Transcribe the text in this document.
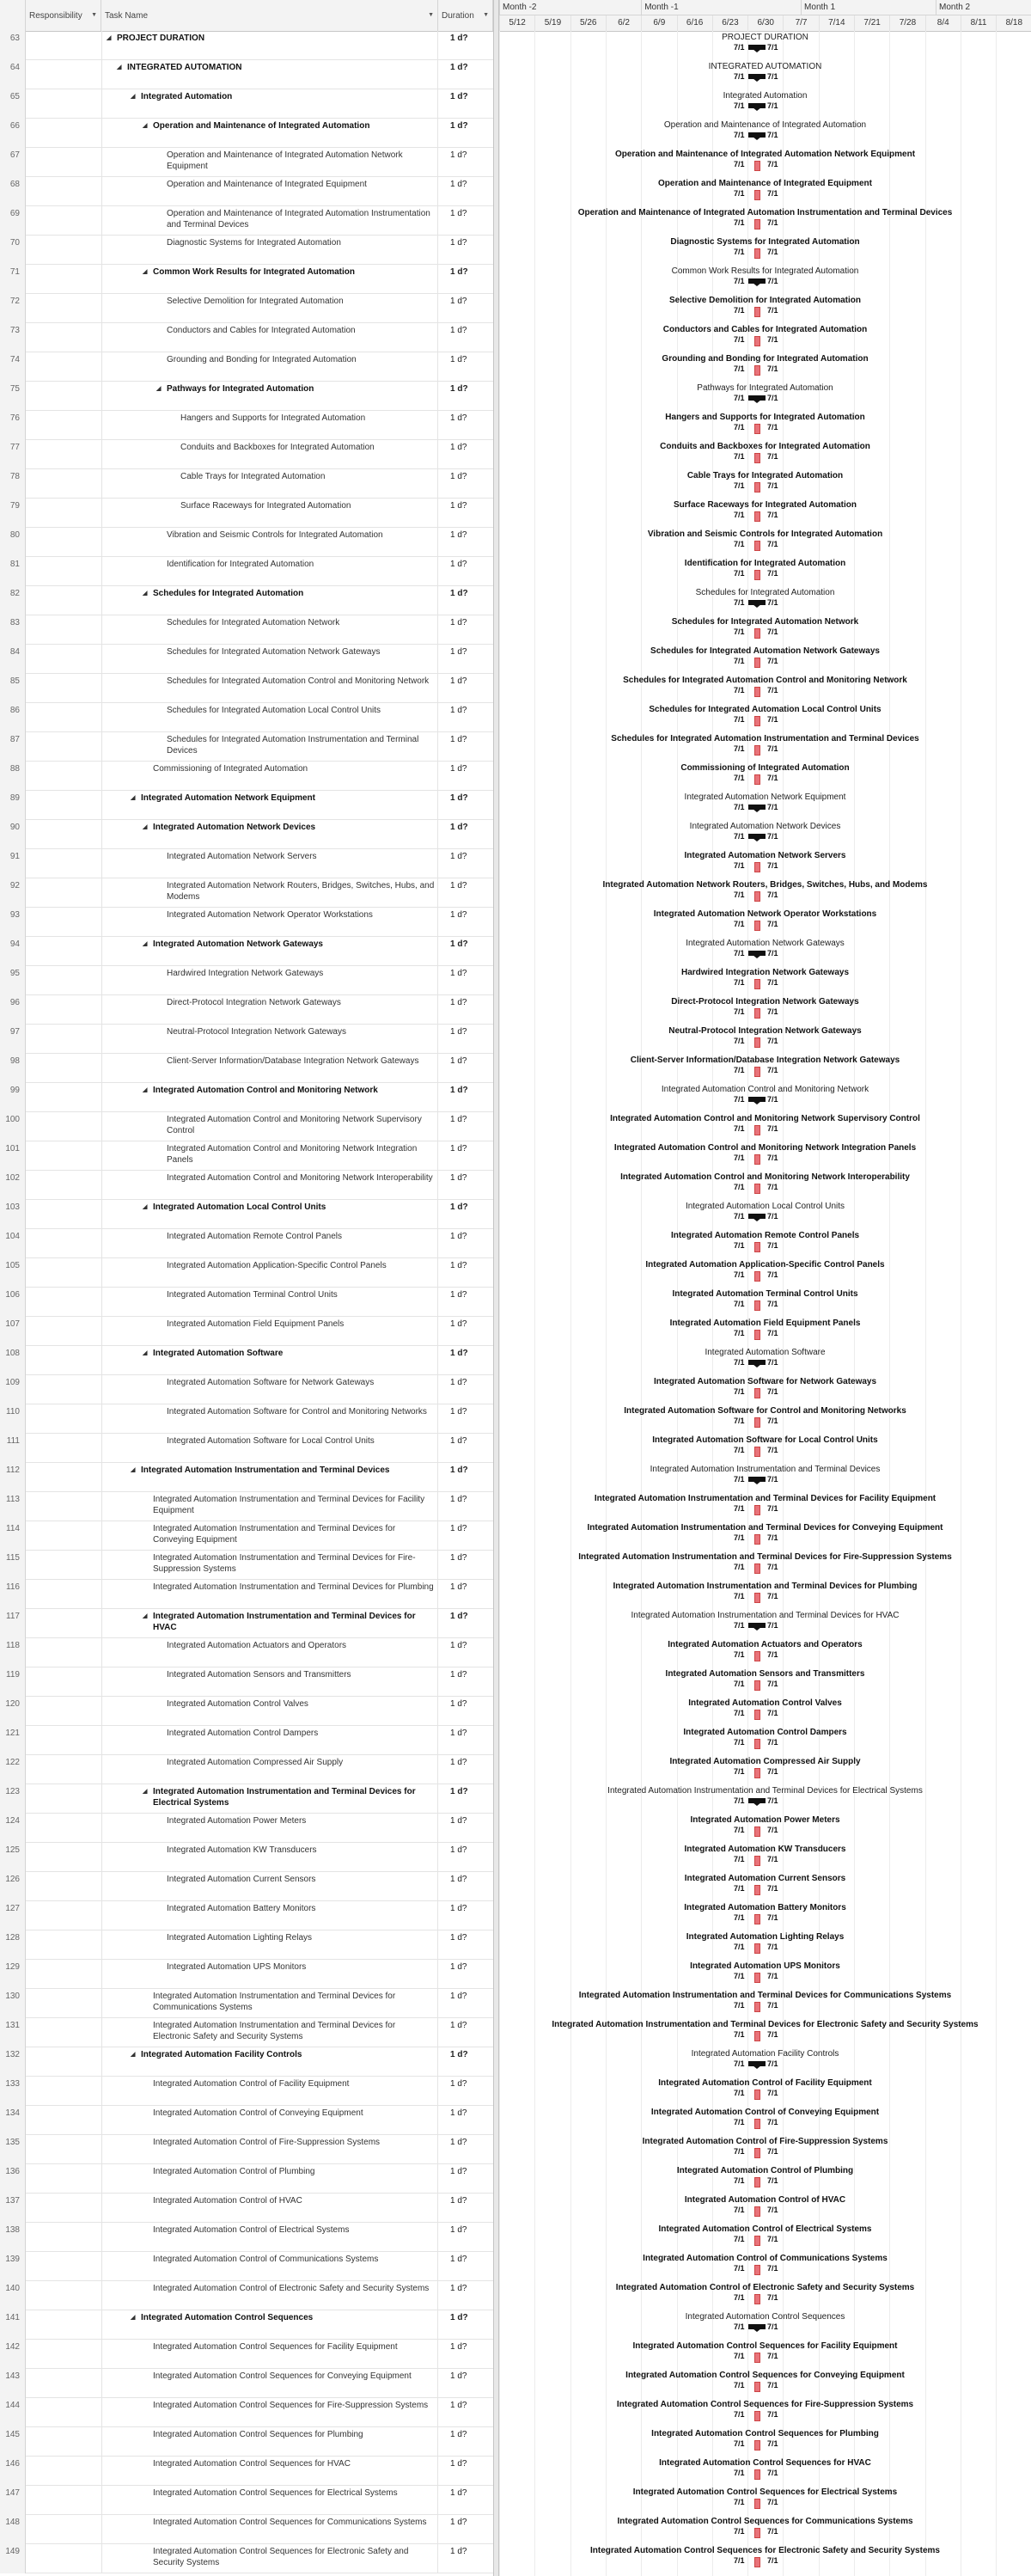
Responsibility ▼ Task Name	▼ Duration ▼
Month -2	Month -1	Month 1	Month 2
5/12	5/19	5/26	6/2	6/9	6/16	6/23	6/30	7/7	7/14	7/21	7/28	8/4	8/11	8/18
63	◢ PROJECT DURATION	1 d?
64	◢ INTEGRATED AUTOMATION	1 d?
65	◢ Integrated Automation	1 d?
66	◢ Operation and Maintenance of Integrated Automation	1 d?
67	Operation and Maintenance of Integrated Automation Network Equipment
1 d?
68	Operation and Maintenance of Integrated Equipment	1 d?
69	Operation and Maintenance of Integrated Automation Instrumentation and Terminal Devices
1 d?
70	Diagnostic Systems for Integrated Automation	1 d?
71	◢ Common Work Results for Integrated Automation	1 d?
72	Selective Demolition for Integrated Automation	1 d?
73	Conductors and Cables for Integrated Automation	1 d?
74	Grounding and Bonding for Integrated Automation	1 d?
75	◢ Pathways for Integrated Automation	1 d?
76	Hangers and Supports for Integrated Automation	1 d?
77	Conduits and Backboxes for Integrated Automation	1 d?
78	Cable Trays for Integrated Automation	1 d?
79	Surface Raceways for Integrated Automation	1 d?
80	Vibration and Seismic Controls for Integrated Automation	1 d?
81	Identification for Integrated Automation	1 d?
82	◢ Schedules for Integrated Automation	1 d?
83	Schedules for Integrated Automation Network	1 d?
84	Schedules for Integrated Automation Network Gateways	1 d?
85	Schedules for Integrated Automation Control and Monitoring Network	1 d?
86	Schedules for Integrated Automation Local Control Units	1 d?
87	Schedules for Integrated Automation Instrumentation and Terminal Devices
1 d?
88	Commissioning of Integrated Automation	1 d?
89	◢ Integrated Automation Network Equipment	1 d?
90	◢ Integrated Automation Network Devices	1 d?
91	Integrated Automation Network Servers	1 d?
92	Integrated Automation Network Routers, Bridges, Switches, Hubs, and Modems
1 d?
93	Integrated Automation Network Operator Workstations	1 d?
94	◢ Integrated Automation Network Gateways	1 d?
95	Hardwired Integration Network Gateways	1 d?
96	Direct-Protocol Integration Network Gateways	1 d?
97	Neutral-Protocol Integration Network Gateways	1 d?
98	Client-Server Information/Database Integration Network Gateways	1 d?
99	◢ Integrated Automation Control and Monitoring Network	1 d?
100	Integrated Automation Control and Monitoring Network Supervisory Control
1 d?
101	Integrated Automation Control and Monitoring Network Integration Panels
1 d?
102	Integrated Automation Control and Monitoring Network Interoperability	1 d?
103	◢ Integrated Automation Local Control Units	1 d?
104	Integrated Automation Remote Control Panels	1 d?
105	Integrated Automation Application-Specific Control Panels	1 d?
106	Integrated Automation Terminal Control Units	1 d?
107	Integrated Automation Field Equipment Panels	1 d?
108	◢ Integrated Automation Software	1 d?
109	Integrated Automation Software for Network Gateways	1 d?
110	Integrated Automation Software for Control and Monitoring Networks	1 d?
111	Integrated Automation Software for Local Control Units	1 d?
112	◢ Integrated Automation Instrumentation and Terminal Devices	1 d?
113	Integrated Automation Instrumentation and Terminal Devices for Facility Equipment
1 d?
114	Integrated Automation Instrumentation and Terminal Devices for Conveying Equipment
1 d?
115	Integrated Automation Instrumentation and Terminal Devices for Fire-Suppression Systems
1 d?
116	Integrated Automation Instrumentation and Terminal Devices for Plumbing	1 d?
117	◢ Integrated Automation Instrumentation and Terminal Devices for HVAC
1 d?
118	Integrated Automation Actuators and Operators	1 d?
119	Integrated Automation Sensors and Transmitters	1 d?
120	Integrated Automation Control Valves	1 d?
121	Integrated Automation Control Dampers	1 d?
122	Integrated Automation Compressed Air Supply	1 d?
123	◢ Integrated Automation Instrumentation and Terminal Devices for Electrical Systems
1 d?
124	Integrated Automation Power Meters	1 d?
125	Integrated Automation KW Transducers	1 d?
126	Integrated Automation Current Sensors	1 d?
127	Integrated Automation Battery Monitors	1 d?
128	Integrated Automation Lighting Relays	1 d?
129	Integrated Automation UPS Monitors	1 d?
130	Integrated Automation Instrumentation and Terminal Devices for Communications Systems
1 d?
131	Integrated Automation Instrumentation and Terminal Devices for Electronic Safety and Security Systems
1 d?
132	◢ Integrated Automation Facility Controls	1 d?
133	Integrated Automation Control of Facility Equipment	1 d?
134	Integrated Automation Control of Conveying Equipment	1 d?
135	Integrated Automation Control of Fire-Suppression Systems	1 d?
136	Integrated Automation Control of Plumbing	1 d?
137	Integrated Automation Control of HVAC	1 d?
138	Integrated Automation Control of Electrical Systems	1 d?
139	Integrated Automation Control of Communications Systems	1 d?
140	Integrated Automation Control of Electronic Safety and Security Systems	1 d?
141	◢ Integrated Automation Control Sequences	1 d?
142	Integrated Automation Control Sequences for Facility Equipment	1 d?
143	Integrated Automation Control Sequences for Conveying Equipment	1 d?
144	Integrated Automation Control Sequences for Fire-Suppression Systems	1 d?
145	Integrated Automation Control Sequences for Plumbing	1 d?
146	Integrated Automation Control Sequences for HVAC	1 d?
147	Integrated Automation Control Sequences for Electrical Systems	1 d?
148	Integrated Automation Control Sequences for Communications Systems	1 d?
149	Integrated Automation Control Sequences for Electronic Safety and Security Systems
1 d?
PROJECT DURATION
7/1	7/1
INTEGRATED AUTOMATION
7/1	7/1
Integrated Automation
7/1	7/1
Operation and Maintenance of Integrated Automation
7/1	7/1
Operation and Maintenance of Integrated Automation Network Equipment
7/1	7/1
Operation and Maintenance of Integrated Equipment
7/1	7/1
Operation and Maintenance of Integrated Automation Instrumentation and Terminal Devices
7/1	7/1
Diagnostic Systems for Integrated Automation
7/1	7/1
Common Work Results for Integrated Automation
7/1	7/1
Selective Demolition for Integrated Automation
7/1	7/1
Conductors and Cables for Integrated Automation
7/1	7/1
Grounding and Bonding for Integrated Automation
7/1	7/1
Pathways for Integrated Automation
7/1	7/1
Hangers and Supports for Integrated Automation
7/1	7/1
Conduits and Backboxes for Integrated Automation
7/1	7/1
Cable Trays for Integrated Automation
7/1	7/1
Surface Raceways for Integrated Automation
7/1	7/1
Vibration and Seismic Controls for Integrated Automation
7/1	7/1
Identification for Integrated Automation
7/1	7/1
Schedules for Integrated Automation
7/1	7/1
Schedules for Integrated Automation Network
7/1	7/1
Schedules for Integrated Automation Network Gateways
7/1	7/1
Schedules for Integrated Automation Control and Monitoring Network
7/1	7/1
Schedules for Integrated Automation Local Control Units
7/1	7/1
Schedules for Integrated Automation Instrumentation and Terminal Devices
7/1	7/1
Commissioning of Integrated Automation
7/1	7/1
Integrated Automation Network Equipment
7/1	7/1
Integrated Automation Network Devices
7/1	7/1
Integrated Automation Network Servers
7/1	7/1
Integrated Automation Network Routers, Bridges, Switches, Hubs, and Modems
7/1	7/1
Integrated Automation Network Operator Workstations
7/1	7/1
Integrated Automation Network Gateways
7/1	7/1
Hardwired Integration Network Gateways
7/1	7/1
Direct-Protocol Integration Network Gateways
7/1	7/1
Neutral-Protocol Integration Network Gateways
7/1	7/1
Client-Server Information/Database Integration Network Gateways
7/1	7/1
Integrated Automation Control and Monitoring Network
7/1	7/1
Integrated Automation Control and Monitoring Network Supervisory Control
7/1	7/1
Integrated Automation Control and Monitoring Network Integration Panels
7/1	7/1
Integrated Automation Control and Monitoring Network Interoperability
7/1	7/1
Integrated Automation Local Control Units
7/1	7/1
Integrated Automation Remote Control Panels
7/1	7/1
Integrated Automation Application-Specific Control Panels
7/1	7/1
Integrated Automation Terminal Control Units
7/1	7/1
Integrated Automation Field Equipment Panels
7/1	7/1
Integrated Automation Software
7/1	7/1
Integrated Automation Software for Network Gateways
7/1	7/1
Integrated Automation Software for Control and Monitoring Networks
7/1	7/1
Integrated Automation Software for Local Control Units
7/1	7/1
Integrated Automation Instrumentation and Terminal Devices
7/1	7/1
Integrated Automation Instrumentation and Terminal Devices for Facility Equipment
7/1	7/1
Integrated Automation Instrumentation and Terminal Devices for Conveying Equipment
7/1	7/1
Integrated Automation Instrumentation and Terminal Devices for Fire-Suppression Systems
7/1	7/1
Integrated Automation Instrumentation and Terminal Devices for Plumbing
7/1	7/1
Integrated Automation Instrumentation and Terminal Devices for HVAC
7/1	7/1
Integrated Automation Actuators and Operators
7/1	7/1
Integrated Automation Sensors and Transmitters
7/1	7/1
Integrated Automation Control Valves
7/1	7/1
Integrated Automation Control Dampers
7/1	7/1
Integrated Automation Compressed Air Supply
7/1	7/1
Integrated Automation Instrumentation and Terminal Devices for Electrical Systems
7/1	7/1
Integrated Automation Power Meters
7/1	7/1
Integrated Automation KW Transducers
7/1	7/1
Integrated Automation Current Sensors
7/1	7/1
Integrated Automation Battery Monitors
7/1	7/1
Integrated Automation Lighting Relays
7/1	7/1
Integrated Automation UPS Monitors
7/1	7/1
Integrated Automation Instrumentation and Terminal Devices for Communications Systems
7/1	7/1
Integrated Automation Instrumentation and Terminal Devices for Electronic Safety and Security Systems
7/1	7/1
Integrated Automation Facility Controls
7/1	7/1
Integrated Automation Control of Facility Equipment
7/1	7/1
Integrated Automation Control of Conveying Equipment
7/1	7/1
Integrated Automation Control of Fire-Suppression Systems
7/1	7/1
Integrated Automation Control of Plumbing
7/1	7/1
Integrated Automation Control of HVAC
7/1	7/1
Integrated Automation Control of Electrical Systems
7/1	7/1
Integrated Automation Control of Communications Systems
7/1	7/1
Integrated Automation Control of Electronic Safety and Security Systems
7/1	7/1
Integrated Automation Control Sequences
7/1	7/1
Integrated Automation Control Sequences for Facility Equipment
7/1	7/1
Integrated Automation Control Sequences for Conveying Equipment
7/1	7/1
Integrated Automation Control Sequences for Fire-Suppression Systems
7/1	7/1
Integrated Automation Control Sequences for Plumbing
7/1	7/1
Integrated Automation Control Sequences for HVAC
7/1	7/1
Integrated Automation Control Sequences for Electrical Systems
7/1	7/1
Integrated Automation Control Sequences for Communications Systems
7/1	7/1
Integrated Automation Control Sequences for Electronic Safety and Security Systems
7/1	7/1
